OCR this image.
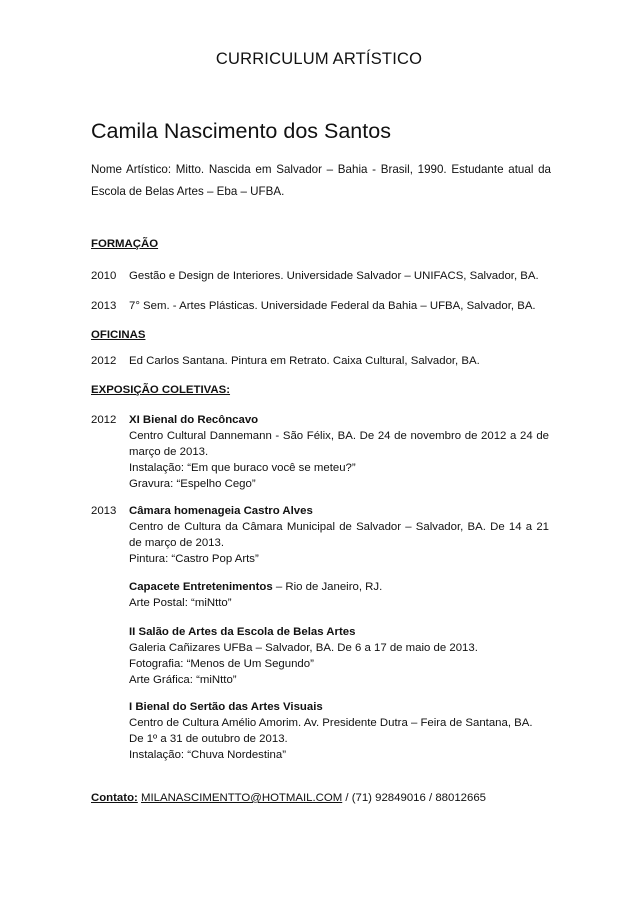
CURRICULUM ARTÍSTICO
Camila Nascimento dos Santos
Nome Artístico: Mitto. Nascida em Salvador – Bahia - Brasil, 1990. Estudante atual da Escola de Belas Artes – Eba – UFBA.
FORMAÇÃO
2010	Gestão e Design de Interiores. Universidade Salvador – UNIFACS, Salvador, BA.
2013	7° Sem. - Artes Plásticas. Universidade Federal da Bahia – UFBA, Salvador, BA.
OFICINAS
2012	Ed Carlos Santana. Pintura em Retrato. Caixa Cultural, Salvador, BA.
EXPOSIÇÃO COLETIVAS:
2012	XI Bienal do Recôncavo
Centro Cultural Dannemann - São Félix, BA. De 24 de novembro de 2012 a 24 de março de 2013.
Instalação: “Em que buraco você se meteu?”
Gravura: “Espelho Cego”
2013	Câmara homenageia Castro Alves
Centro de Cultura da Câmara Municipal de Salvador – Salvador, BA. De 14 a 21 de março de 2013.
Pintura: “Castro Pop Arts”
Capacete Entretenimentos – Rio de Janeiro, RJ.
Arte Postal: “miNtto”
II Salão de Artes da Escola de Belas Artes
Galeria Cañizares UFBa – Salvador, BA. De 6 a 17 de maio de 2013.
Fotografia: “Menos de Um Segundo”
Arte Gráfica: “miNtto”
I Bienal do Sertão das Artes Visuais
Centro de Cultura Amélio Amorim. Av. Presidente Dutra – Feira de Santana, BA.
De 1º a 31 de outubro de 2013.
Instalação: “Chuva Nordestina”
Contato: MILANASCIMENTTO@HOTMAIL.COM / (71) 92849016 / 88012665
